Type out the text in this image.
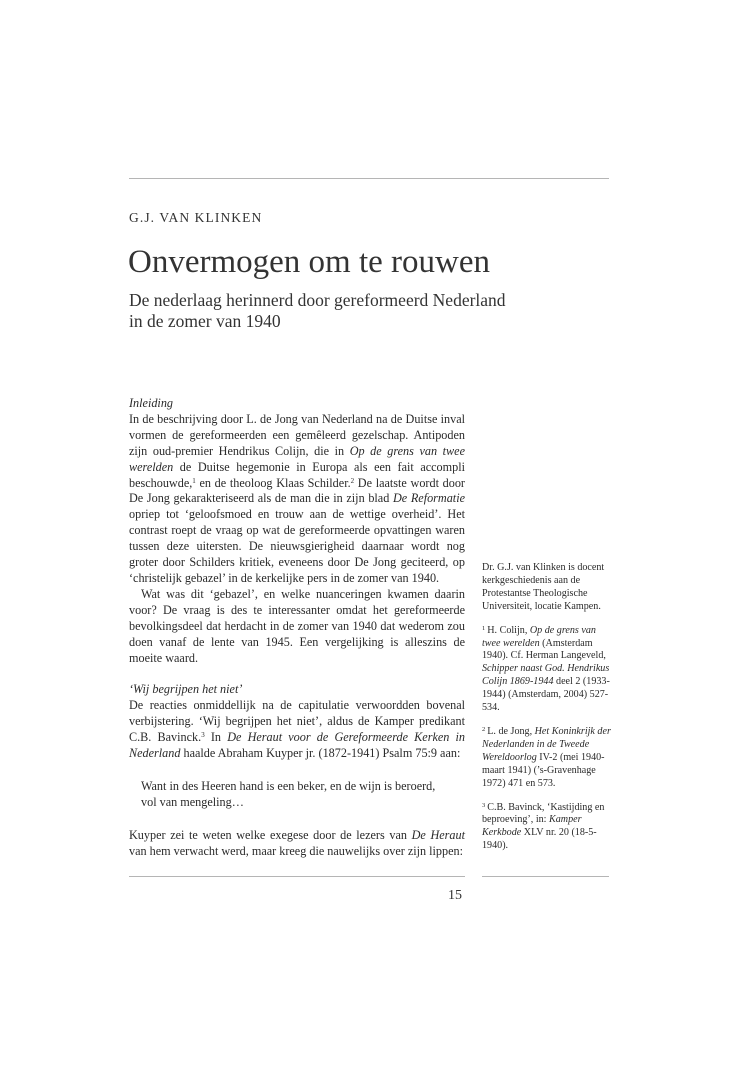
G.J. VAN KLINKEN
Onvermogen om te rouwen
De nederlaag herinnerd door gereformeerd Nederland
in de zomer van 1940

Inleiding

In de beschrijving door L. de Jong van Nederland na de Duitse inval vormen de gereformeerden een gemêleerd gezelschap. Antipoden zijn oud-premier Hendrikus Colijn, die in Op de grens van twee werelden de Duitse hegemonie in Europa als een fait accompli beschouwde,$^1$ en de theoloog Klaas Schilder.$^2$ De laatste wordt door De Jong gekarakteriseerd als de man die in zijn blad De Reformatie opriep tot ‘geloofsmoed en trouw aan de wettige overheid’. Het contrast roept de vraag op wat de gereformeerde opvattingen waren tussen deze uitersten. De nieuwsgierigheid daarnaar wordt nog groter door Schilders kritiek, eveneens door De Jong geciteerd, op ‘christelijk gebazel’ in de kerkelijke pers in de zomer van 1940.

Wat was dit ‘gebazel’, en welke nuanceringen kwamen daarin voor? De vraag is des te interessanter omdat het gereformeerde bevolkingsdeel dat herdacht in de zomer van 1940 dat wederom zou doen vanaf de lente van 1945. Een vergelijking is alleszins de moeite waard.

‘Wij begrijpen het niet’

De reacties onmiddellijk na de capitulatie verwoordden bovenal verbijstering. ‘Wij begrijpen het niet’, aldus de Kamper predikant C.B. Bavinck.$^3$ In De Heraut voor de Gereformeerde Kerken in Nederland haalde Abraham Kuyper jr. (1872-1941) Psalm 75:9 aan:

Want in des Heeren hand is een beker, en de wijn is beroerd,
vol van mengeling…

Kuyper zei te weten welke exegese door de lezers van De Heraut van hem verwacht werd, maar kreeg die nauwelijks over zijn lippen:

Dr. G.J. van Klinken is docent kerkgeschiedenis aan de Protestantse Theologische Universiteit, locatie Kampen.

$^1$ H. Colijn, Op de grens van twee werelden (Amsterdam 1940). Cf. Herman Langeveld, Schipper naast God. Hendrikus Colijn 1869-1944 deel 2 (1933-1944) (Amsterdam, 2004) 527-534.

$^2$ L. de Jong, Het Koninkrijk der Nederlanden in de Tweede Wereldoorlog IV-2 (mei 1940-maart 1941) (’s-Gravenhage 1972) 471 en 573.

$^3$ C.B. Bavinck, ‘Kastijding en beproeving’, in: Kamper Kerkbode XLV nr. 20 (18-5-1940).

15
